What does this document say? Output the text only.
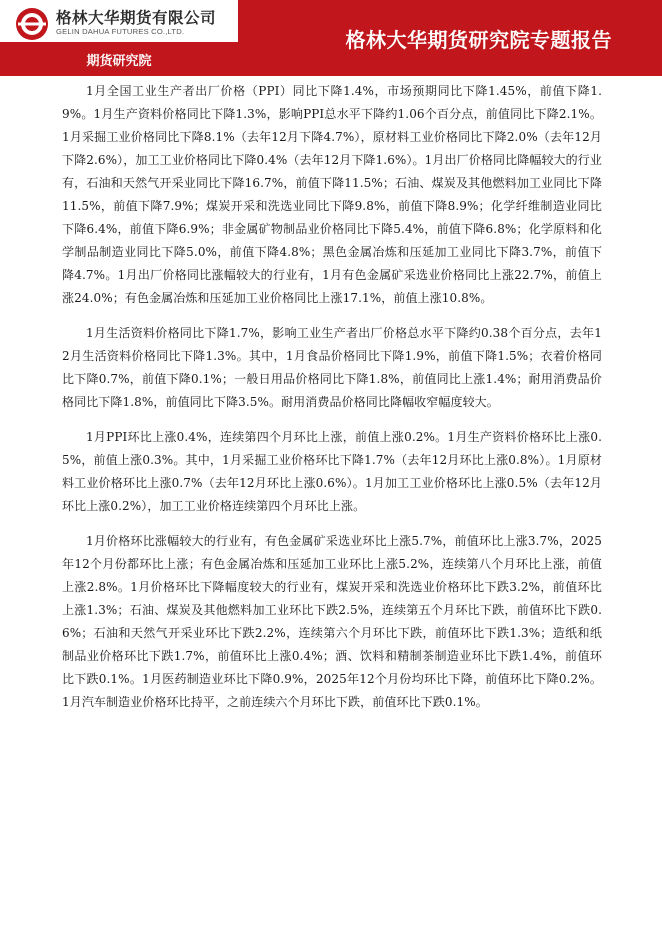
格林大华期货有限公司
GELIN DAHUA FUTURES CO.,LTD.
期货研究院
格林大华期货研究院专题报告

1月全国工业生产者出厂价格（PPI）同比下降1.4%，市场预期同比下降1.45%，前值下降1.9%。1月生产资料价格同比下降1.3%，影响PPI总水平下降约1.06个百分点，前值同比下降2.1%。1月采掘工业价格同比下降8.1%（去年12月下降4.7%），原材料工业价格同比下降2.0%（去年12月下降2.6%），加工工业价格同比下降0.4%（去年12月下降1.6%）。1月出厂价格同比降幅较大的行业有，石油和天然气开采业同比下降16.7%，前值下降11.5%；石油、煤炭及其他燃料加工业同比下降11.5%，前值下降7.9%；煤炭开采和洗选业同比下降9.8%，前值下降8.9%；化学纤维制造业同比下降6.4%，前值下降6.9%；非金属矿物制品业价格同比下降5.4%，前值下降6.8%；化学原料和化学制品制造业同比下降5.0%，前值下降4.8%；黑色金属冶炼和压延加工业同比下降3.7%，前值下降4.7%。1月出厂价格同比涨幅较大的行业有，1月有色金属矿采选业价格同比上涨22.7%，前值上涨24.0%；有色金属冶炼和压延加工业价格同比上涨17.1%，前值上涨10.8%。

1月生活资料价格同比下降1.7%，影响工业生产者出厂价格总水平下降约0.38个百分点，去年12月生活资料价格同比下降1.3%。其中，1月食品价格同比下降1.9%，前值下降1.5%；衣着价格同比下降0.7%，前值下降0.1%；一般日用品价格同比下降1.8%，前值同比上涨1.4%；耐用消费品价格同比下降1.8%，前值同比下降3.5%。耐用消费品价格同比降幅收窄幅度较大。

1月PPI环比上涨0.4%，连续第四个月环比上涨，前值上涨0.2%。1月生产资料价格环比上涨0.5%，前值上涨0.3%。其中，1月采掘工业价格环比下降1.7%（去年12月环比上涨0.8%）。1月原材料工业价格环比上涨0.7%（去年12月环比上涨0.6%）。1月加工工业价格环比上涨0.5%（去年12月环比上涨0.2%），加工工业价格连续第四个月环比上涨。

1月价格环比涨幅较大的行业有，有色金属矿采选业环比上涨5.7%，前值环比上涨3.7%，2025年12个月份都环比上涨；有色金属冶炼和压延加工业环比上涨5.2%，连续第八个月环比上涨，前值上涨2.8%。1月价格环比下降幅度较大的行业有，煤炭开采和洗选业价格环比下跌3.2%，前值环比上涨1.3%；石油、煤炭及其他燃料加工业环比下跌2.5%，连续第五个月环比下跌，前值环比下跌0.6%；石油和天然气开采业环比下跌2.2%，连续第六个月环比下跌，前值环比下跌1.3%；造纸和纸制品业价格环比下跌1.7%，前值环比上涨0.4%；酒、饮料和精制茶制造业环比下跌1.4%，前值环比下跌0.1%。1月医药制造业环比下降0.9%，2025年12个月份均环比下降，前值环比下降0.2%。1月汽车制造业价格环比持平，之前连续六个月环比下跌，前值环比下跌0.1%。
